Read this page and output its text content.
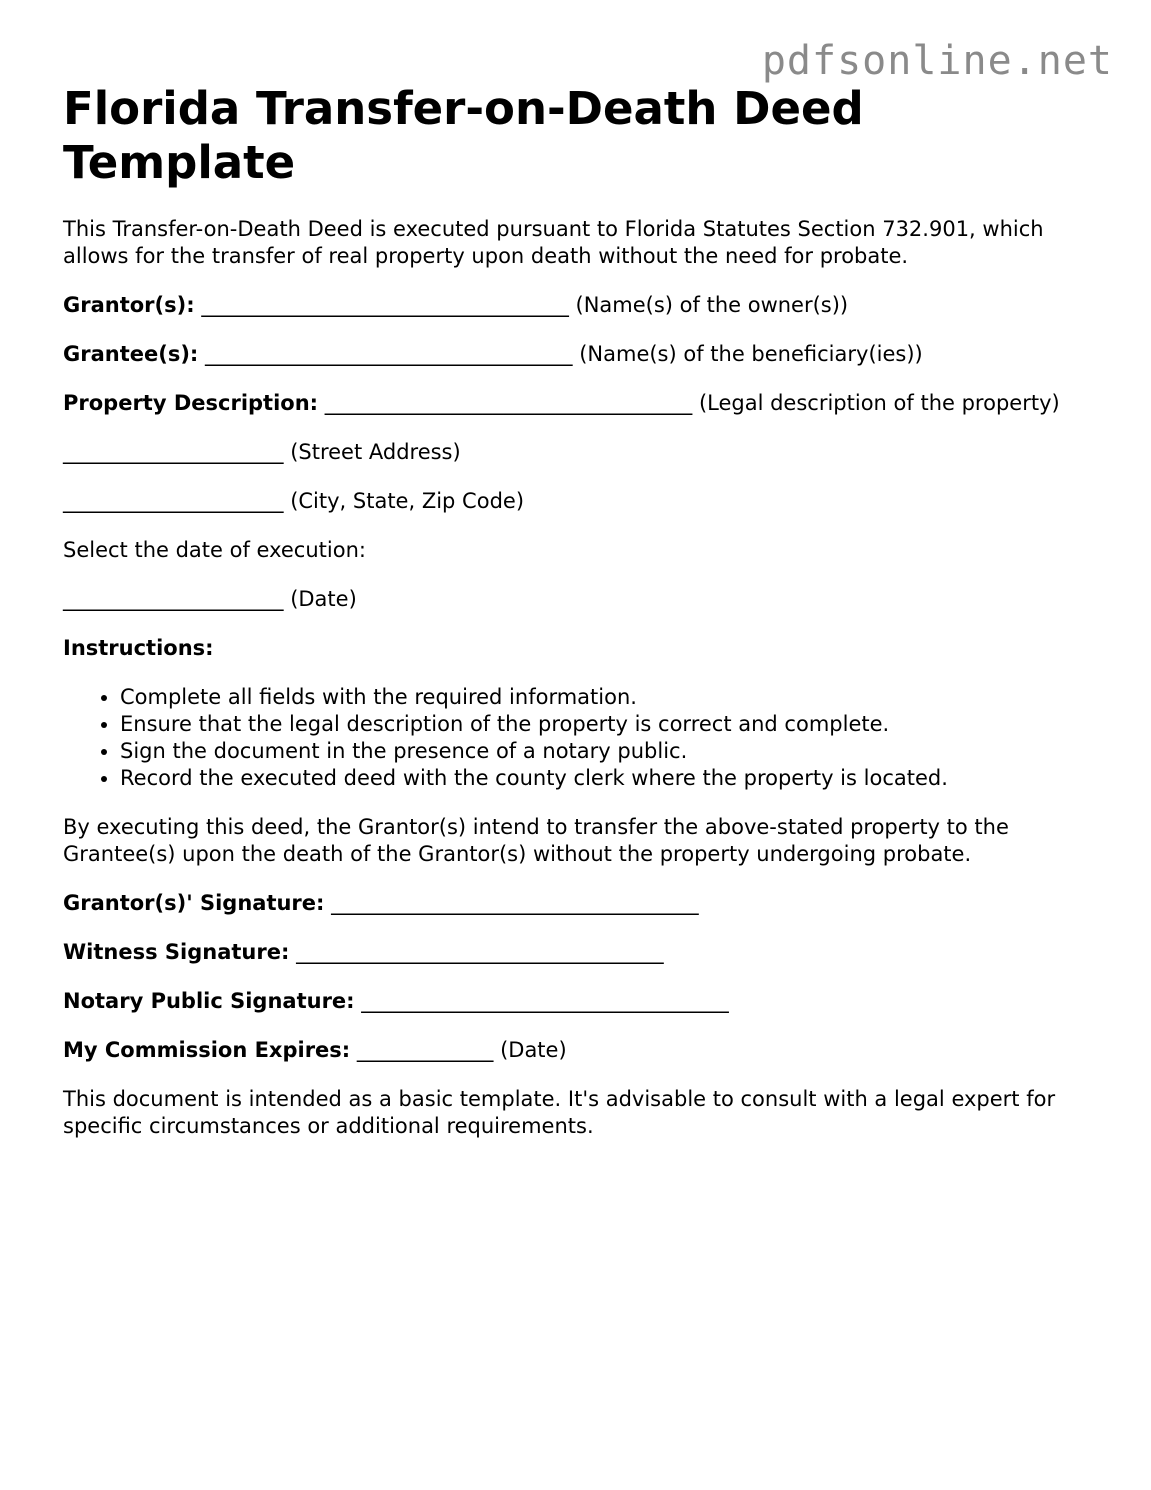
pdfsonline.net
Florida Transfer-on-Death Deed Template

This Transfer-on-Death Deed is executed pursuant to Florida Statutes Section 732.901, which allows for the transfer of real property upon death without the need for probate.

Grantor(s): ___________________________________ (Name(s) of the owner(s))

Grantee(s): ___________________________________ (Name(s) of the beneficiary(ies))

Property Description: ___________________________________ (Legal description of the property)

_____________________ (Street Address)

_____________________ (City, State, Zip Code)

Select the date of execution:

_____________________ (Date)

Instructions:

• Complete all fields with the required information.
• Ensure that the legal description of the property is correct and complete.
• Sign the document in the presence of a notary public.
• Record the executed deed with the county clerk where the property is located.

By executing this deed, the Grantor(s) intend to transfer the above-stated property to the Grantee(s) upon the death of the Grantor(s) without the property undergoing probate.

Grantor(s)' Signature: ___________________________________

Witness Signature: ___________________________________

Notary Public Signature: ___________________________________

My Commission Expires: _____________ (Date)

This document is intended as a basic template. It's advisable to consult with a legal expert for specific circumstances or additional requirements.
